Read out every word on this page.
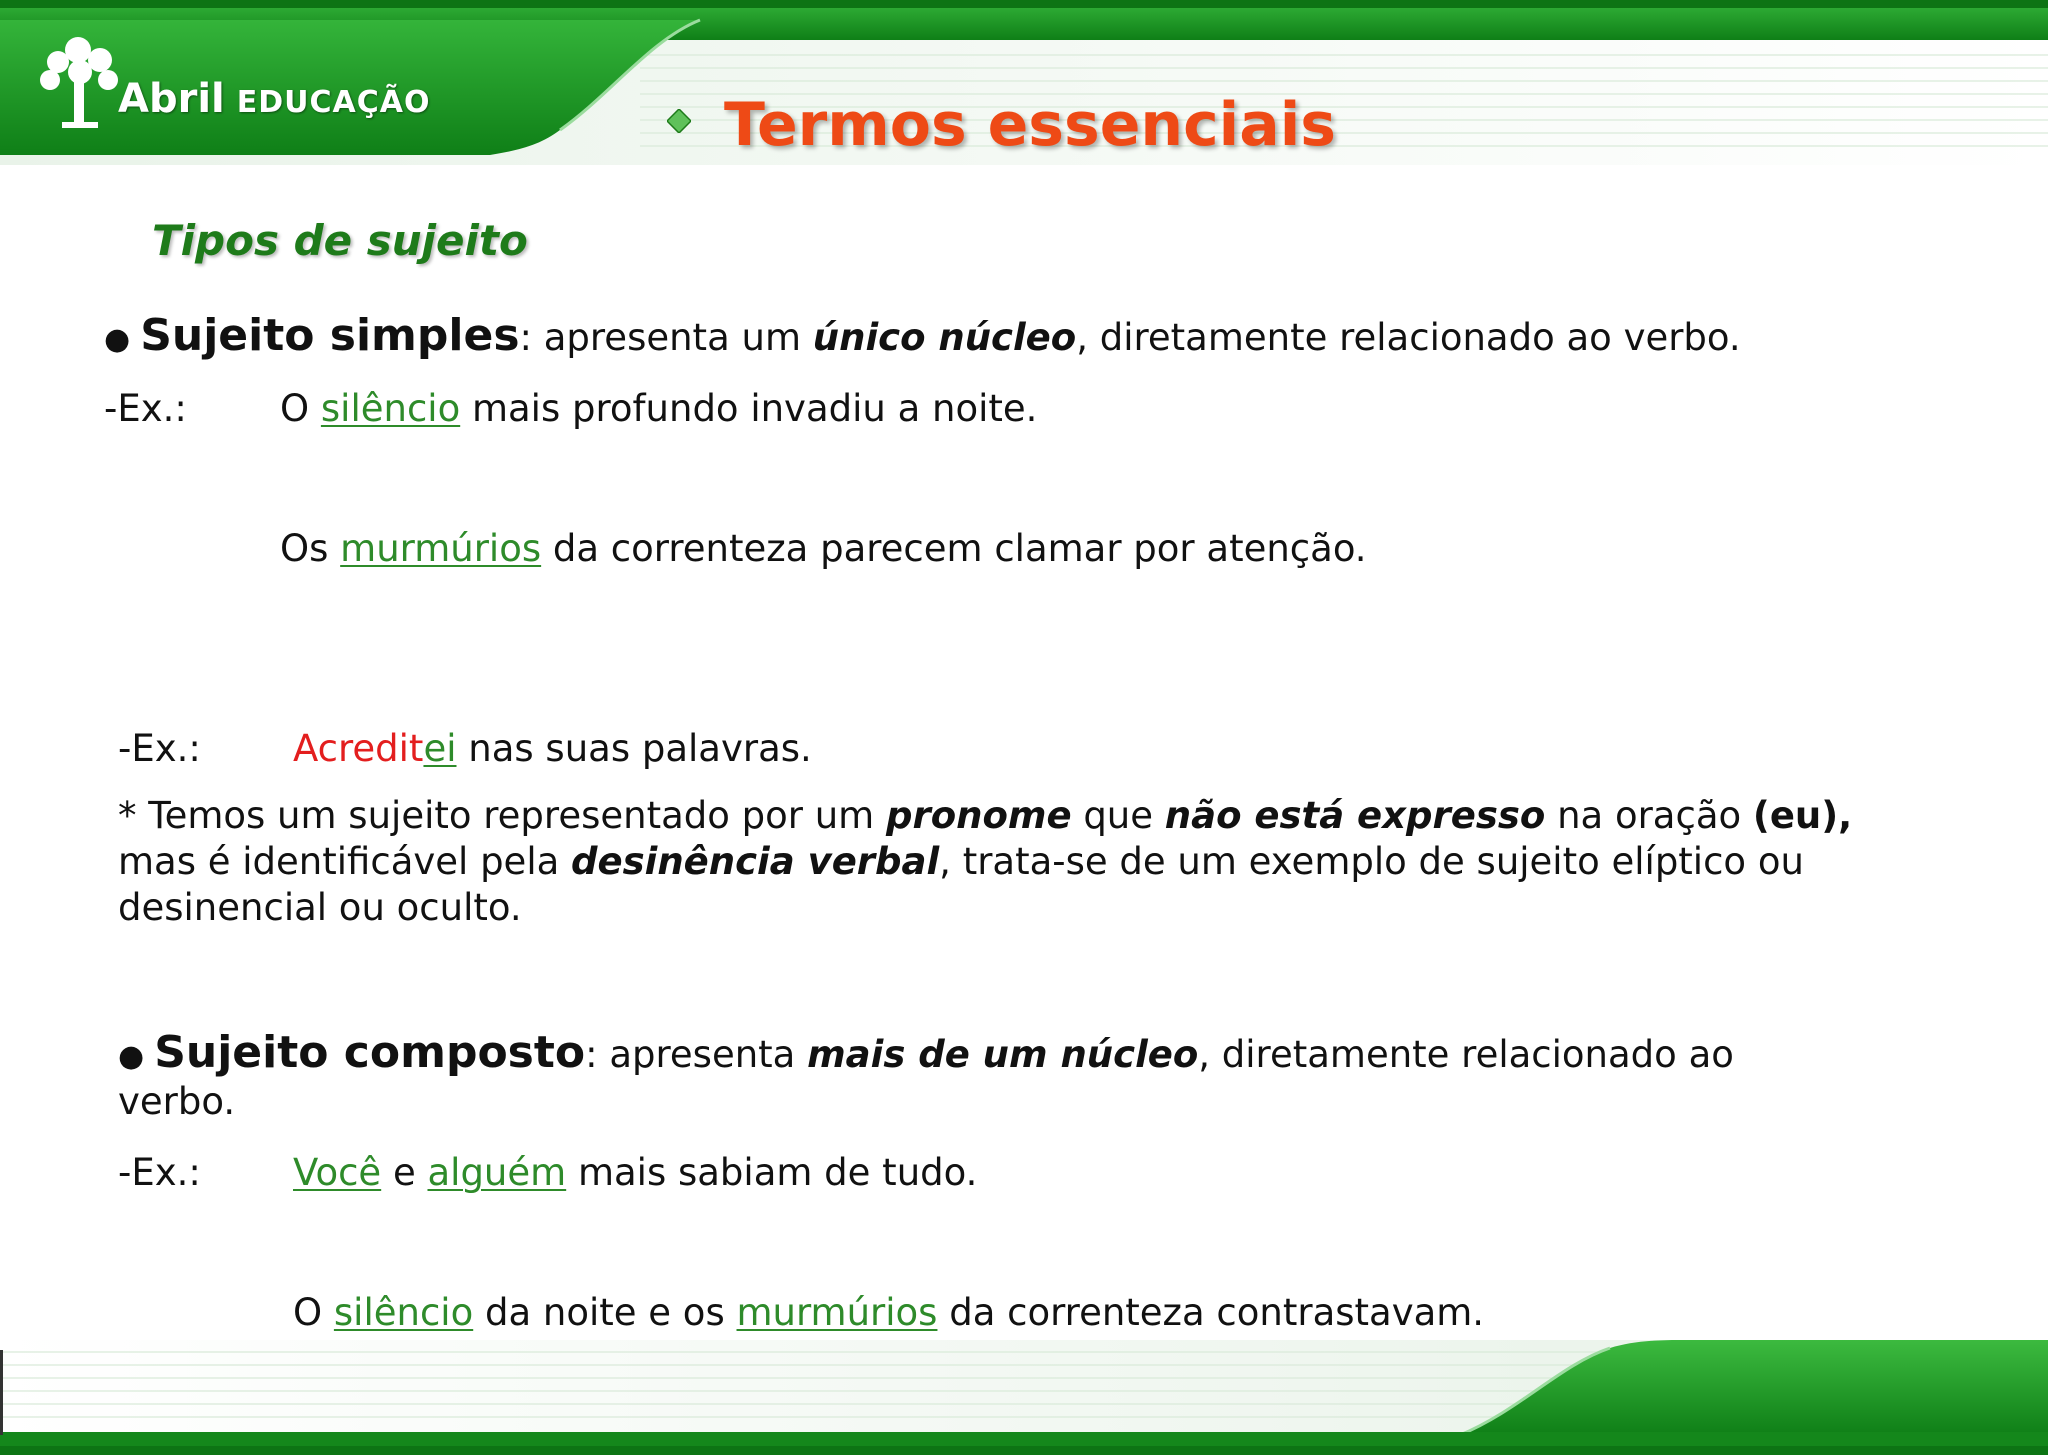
Abril EDUCAÇÃO	Termos essenciais
Tipos de sujeito
● Sujeito simples: apresenta um único núcleo, diretamente relacionado ao verbo.
-Ex.:	O silêncio mais profundo invadiu a noite.
Os murmúrios da correnteza parecem clamar por atenção.
-Ex.: Acreditei nas suas palavras.
* Temos um sujeito representado por um pronome que não está expresso na oração (eu), mas é identificável pela desinência verbal, trata-se de um exemplo de sujeito elíptico ou desinencial ou oculto.
● Sujeito composto: apresenta mais de um núcleo, diretamente relacionado ao
verbo.
-Ex.: Você e alguém mais sabiam de tudo.
O silêncio da noite e os murmúrios da correnteza contrastavam.
